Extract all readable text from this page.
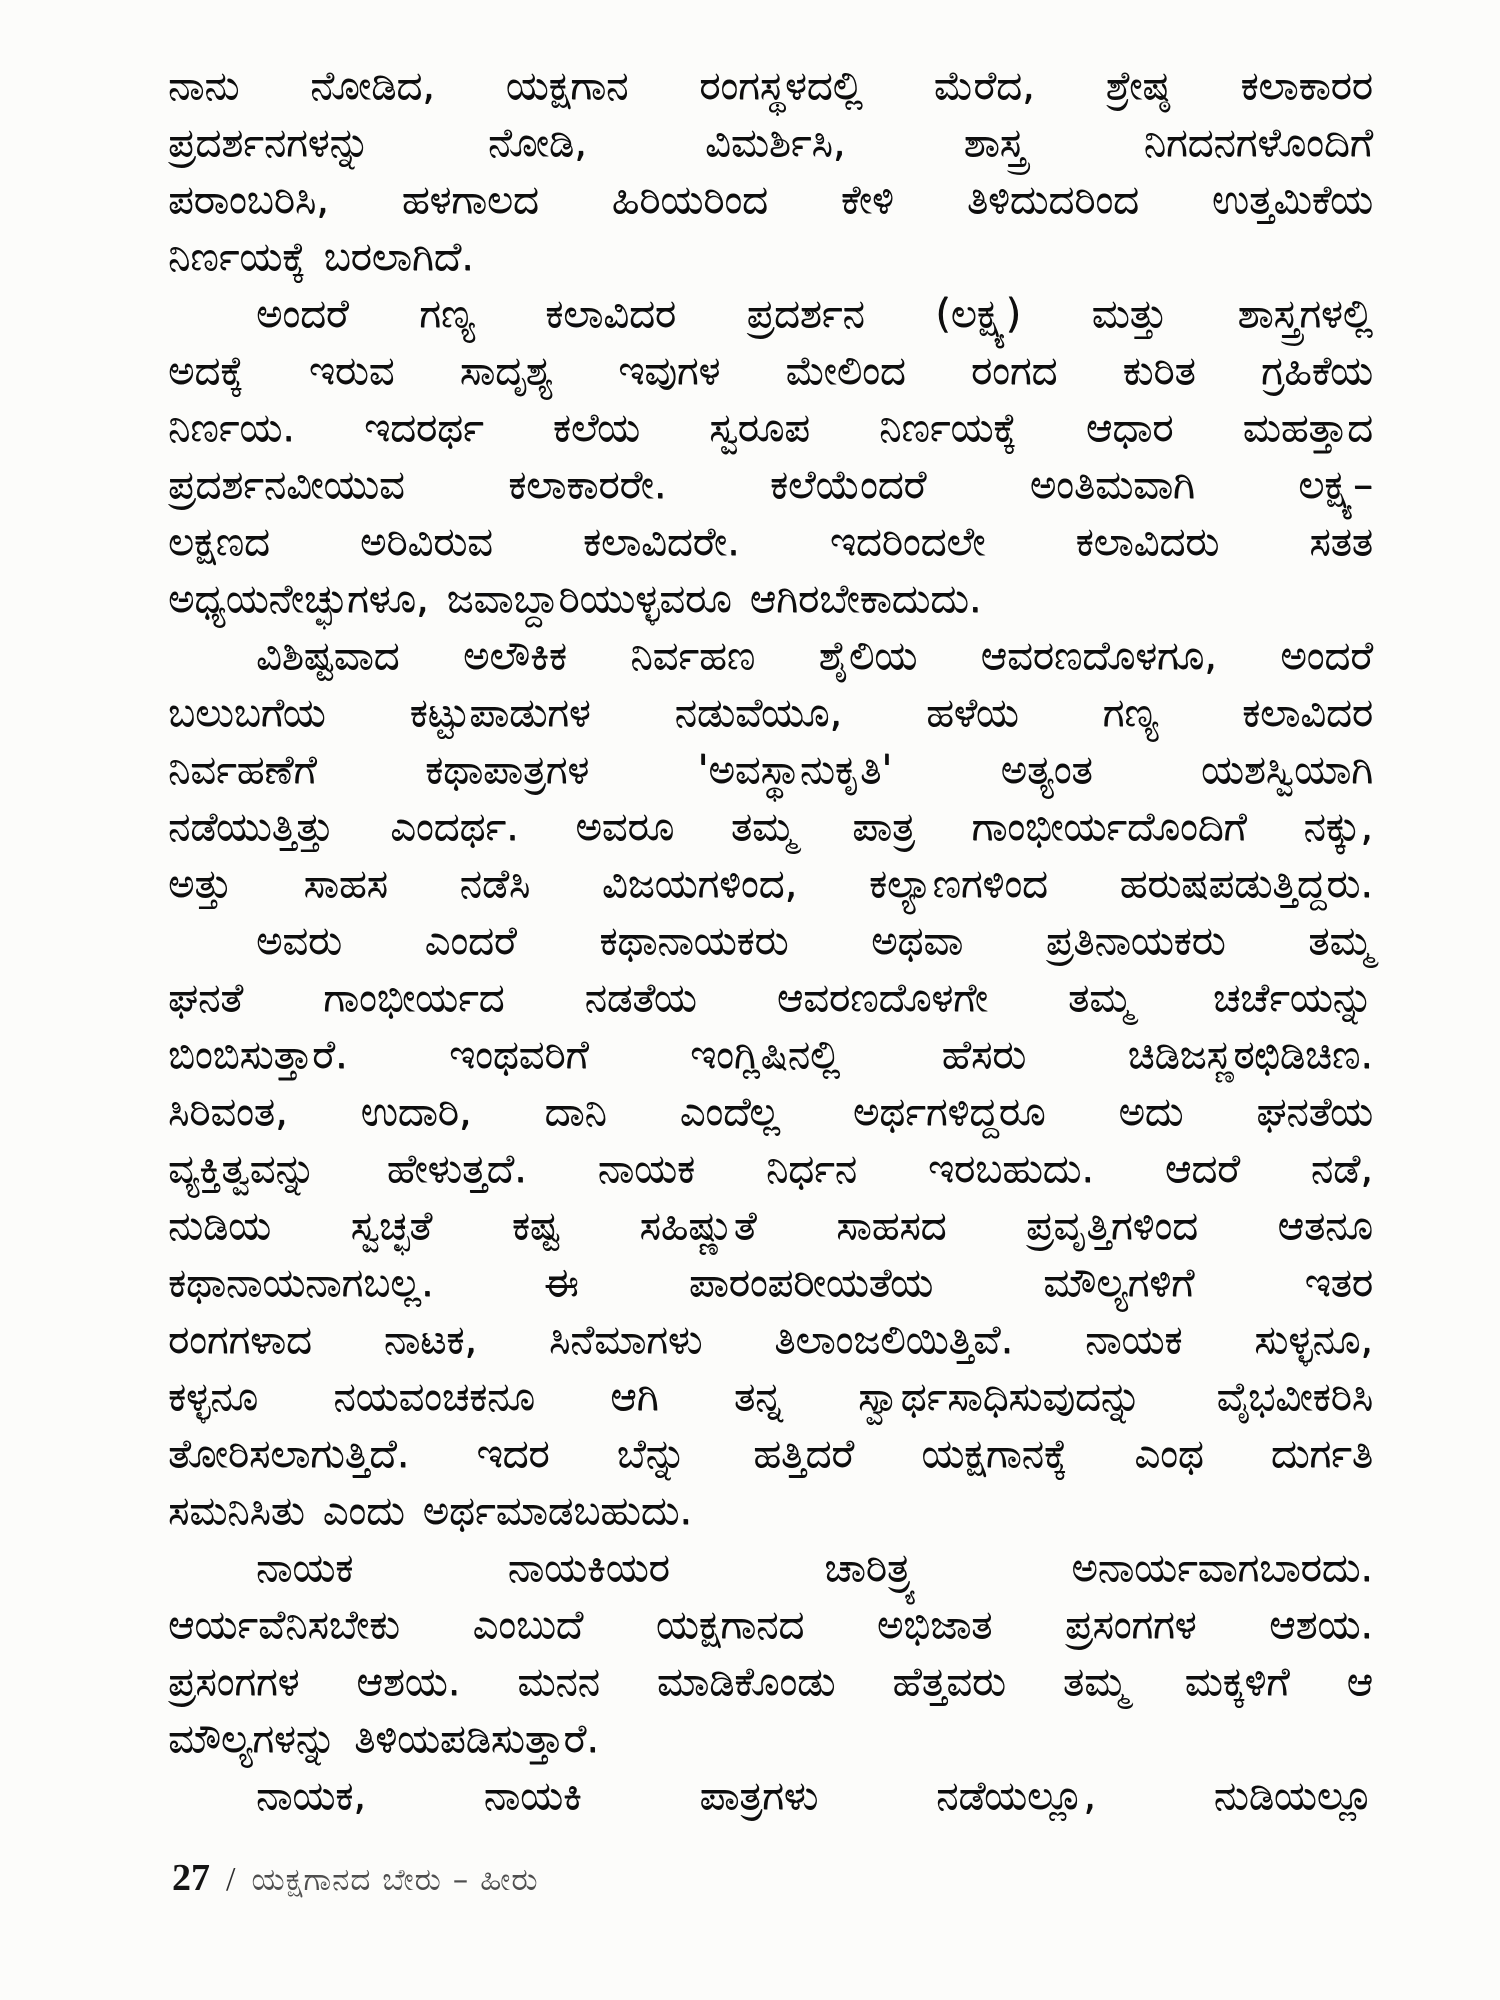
ನಾನು ನೋಡಿದ, ಯಕ್ಷಗಾನ ರಂಗಸ್ಥಳದಲ್ಲಿ ಮೆರೆದ, ಶ್ರೇಷ್ಠ ಕಲಾಕಾರರ
ಪ್ರದರ್ಶನಗಳನ್ನು	ನೋಡಿ,	ವಿಮರ್ಶಿಸಿ,	ಶಾಸ್ತ್ರ	ನಿಗದನಗಳೊಂದಿಗೆ
ಪರಾಂಬರಿಸಿ, ಹಳಗಾಲದ ಹಿರಿಯರಿಂದ ಕೇಳಿ ತಿಳಿದುದರಿಂದ ಉತ್ತಮಿಕೆಯ
ನಿರ್ಣಯಕ್ಕೆ ಬರಲಾಗಿದೆ.
ಅಂದರೆ ಗಣ್ಯ ಕಲಾವಿದರ ಪ್ರದರ್ಶನ (ಲಕ್ಷ್ಯ) ಮತ್ತು ಶಾಸ್ತ್ರಗಳಲ್ಲಿ
ಅದಕ್ಕೆ ಇರುವ ಸಾದೃಶ್ಯ ಇವುಗಳ ಮೇಲಿಂದ ರಂಗದ ಕುರಿತ ಗ್ರಹಿಕೆಯ
ನಿರ್ಣಯ. ಇದರರ್ಥ ಕಲೆಯ ಸ್ವರೂಪ ನಿರ್ಣಯಕ್ಕೆ ಆಧಾರ ಮಹತ್ತಾದ
ಪ್ರದರ್ಶನವೀಯುವ	ಕಲಾಕಾರರೇ.	ಕಲೆಯೆಂದರೆ	ಅಂತಿಮವಾಗಿ	ಲಕ್ಷ್ಯ–
ಲಕ್ಷಣದ ಅರಿವಿರುವ ಕಲಾವಿದರೇ. ಇದರಿಂದಲೇ ಕಲಾವಿದರು ಸತತ
ಅಧ್ಯಯನೇಚ್ಛುಗಳೂ, ಜವಾಬ್ದಾರಿಯುಳ್ಳವರೂ ಆಗಿರಬೇಕಾದುದು.
ವಿಶಿಷ್ಟವಾದ ಅಲೌಕಿಕ ನಿರ್ವಹಣ ಶೈಲಿಯ ಆವರಣದೊಳಗೂ, ಅಂದರೆ
ಬಲುಬಗೆಯ ಕಟ್ಟುಪಾಡುಗಳ ನಡುವೆಯೂ, ಹಳೆಯ ಗಣ್ಯ ಕಲಾವಿದರ
ನಿರ್ವಹಣೆಗೆ	ಕಥಾಪಾತ್ರಗಳ	'ಅವಸ್ಥಾನುಕೃತಿ'	ಅತ್ಯಂತ	ಯಶಸ್ವಿಯಾಗಿ
ನಡೆಯುತ್ತಿತ್ತು ಎಂದರ್ಥ. ಅವರೂ ತಮ್ಮ ಪಾತ್ರ ಗಾಂಭೀರ್ಯದೊಂದಿಗೆ ನಕ್ಕು,
ಅತ್ತು ಸಾಹಸ ನಡೆಸಿ ವಿಜಯಗಳಿಂದ, ಕಲ್ಯಾಣಗಳಿಂದ ಹರುಷಪಡುತ್ತಿದ್ದರು.
ಅವರು ಎಂದರೆ ಕಥಾನಾಯಕರು ಅಥವಾ ಪ್ರತಿನಾಯಕರು ತಮ್ಮ
ಘನತೆ ಗಾಂಭೀರ್ಯದ ನಡತೆಯ ಆವರಣದೊಳಗೇ ತಮ್ಮ ಚರ್ಚೆಯನ್ನು
ಬಿಂಬಿಸುತ್ತಾರೆ.	ಇಂಥವರಿಗೆ	ಇಂಗ್ಲಿಷಿನಲ್ಲಿ	ಹೆಸರು	ಚಿಡಿಜಸ್ಣಠಛಿಡಿಚಿಣ.
ಸಿರಿವಂತ, ಉದಾರಿ, ದಾನಿ ಎಂದೆಲ್ಲ ಅರ್ಥಗಳಿದ್ದರೂ ಅದು ಘನತೆಯ
ವ್ಯಕ್ತಿತ್ವವನ್ನು ಹೇಳುತ್ತದೆ. ನಾಯಕ ನಿರ್ಧನ ಇರಬಹುದು. ಆದರೆ ನಡೆ,
ನುಡಿಯ ಸ್ವಚ್ಛತೆ ಕಷ್ಟ ಸಹಿಷ್ಣುತೆ ಸಾಹಸದ ಪ್ರವೃತ್ತಿಗಳಿಂದ ಆತನೂ
ಕಥಾನಾಯನಾಗಬಲ್ಲ.	ಈ	ಪಾರಂಪರೀಯತೆಯ	ಮೌಲ್ಯಗಳಿಗೆ	ಇತರ
ರಂಗಗಳಾದ ನಾಟಕ, ಸಿನೆಮಾಗಳು ತಿಲಾಂಜಲಿಯಿತ್ತಿವೆ. ನಾಯಕ ಸುಳ್ಳನೂ,
ಕಳ್ಳನೂ ನಯವಂಚಕನೂ ಆಗಿ ತನ್ನ ಸ್ವಾರ್ಥಸಾಧಿಸುವುದನ್ನು ವೈಭವೀಕರಿಸಿ
ತೋರಿಸಲಾಗುತ್ತಿದೆ. ಇದರ ಬೆನ್ನು ಹತ್ತಿದರೆ ಯಕ್ಷಗಾನಕ್ಕೆ ಎಂಥ ದುರ್ಗತಿ
ಸಮನಿಸಿತು ಎಂದು ಅರ್ಥಮಾಡಬಹುದು.
ನಾಯಕ	ನಾಯಕಿಯರ	ಚಾರಿತ್ರ್ಯ	ಅನಾರ್ಯವಾಗಬಾರದು.
ಆರ್ಯವೆನಿಸಬೇಕು ಎಂಬುದೆ ಯಕ್ಷಗಾನದ ಅಭಿಜಾತ ಪ್ರಸಂಗಗಳ ಆಶಯ.
ಪ್ರಸಂಗಗಳ ಆಶಯ. ಮನನ ಮಾಡಿಕೊಂಡು ಹೆತ್ತವರು ತಮ್ಮ ಮಕ್ಕಳಿಗೆ ಆ
ಮೌಲ್ಯಗಳನ್ನು ತಿಳಿಯಪಡಿಸುತ್ತಾರೆ.
ನಾಯಕ,	ನಾಯಕಿ	ಪಾತ್ರಗಳು	ನಡೆಯಲ್ಲೂ,	ನುಡಿಯಲ್ಲೂ
27 / ಯಕ್ಷಗಾನದ ಬೇರು – ಹೀರು
